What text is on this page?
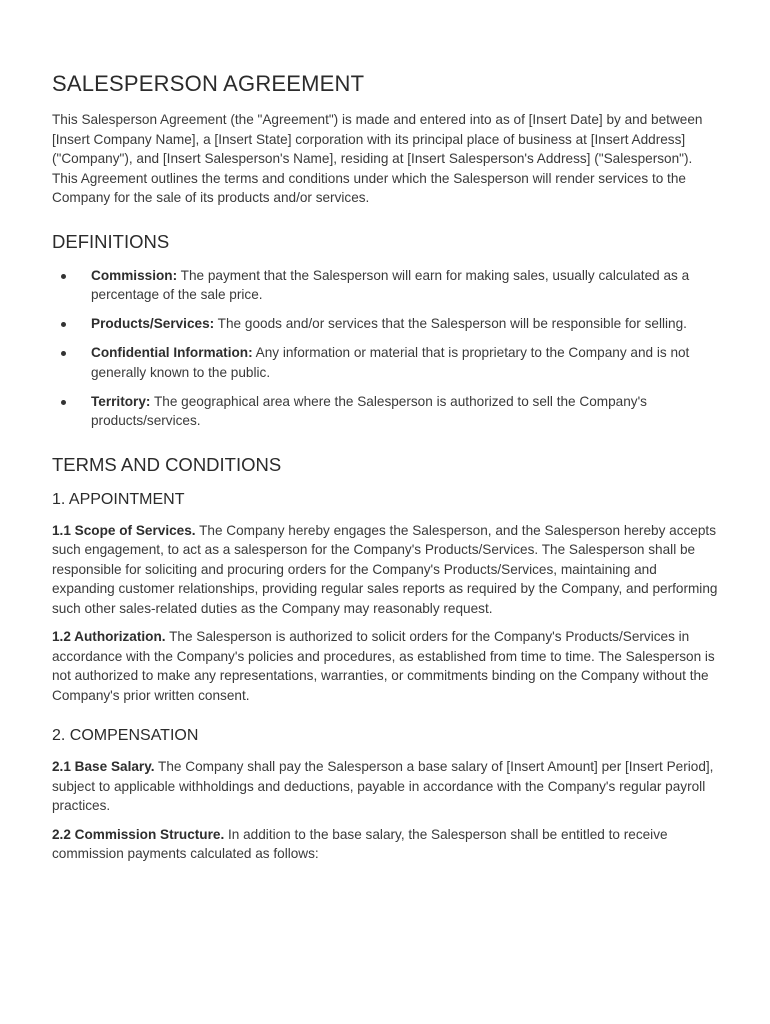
SALESPERSON AGREEMENT

This Salesperson Agreement (the "Agreement") is made and entered into as of [Insert Date] by and between [Insert Company Name], a [Insert State] corporation with its principal place of business at [Insert Address] ("Company"), and [Insert Salesperson's Name], residing at [Insert Salesperson's Address] ("Salesperson"). This Agreement outlines the terms and conditions under which the Salesperson will render services to the Company for the sale of its products and/or services.

DEFINITIONS
Commission: The payment that the Salesperson will earn for making sales, usually calculated as a percentage of the sale price.
Products/Services: The goods and/or services that the Salesperson will be responsible for selling.
Confidential Information: Any information or material that is proprietary to the Company and is not generally known to the public.
Territory: The geographical area where the Salesperson is authorized to sell the Company's products/services.
TERMS AND CONDITIONS
1. APPOINTMENT

1.1 Scope of Services. The Company hereby engages the Salesperson, and the Salesperson hereby accepts such engagement, to act as a salesperson for the Company's Products/Services. The Salesperson shall be responsible for soliciting and procuring orders for the Company's Products/Services, maintaining and expanding customer relationships, providing regular sales reports as required by the Company, and performing such other sales-related duties as the Company may reasonably request.

1.2 Authorization. The Salesperson is authorized to solicit orders for the Company's Products/Services in accordance with the Company's policies and procedures, as established from time to time. The Salesperson is not authorized to make any representations, warranties, or commitments binding on the Company without the Company's prior written consent.

2. COMPENSATION

2.1 Base Salary. The Company shall pay the Salesperson a base salary of [Insert Amount] per [Insert Period], subject to applicable withholdings and deductions, payable in accordance with the Company's regular payroll practices.

2.2 Commission Structure. In addition to the base salary, the Salesperson shall be entitled to receive commission payments calculated as follows:
